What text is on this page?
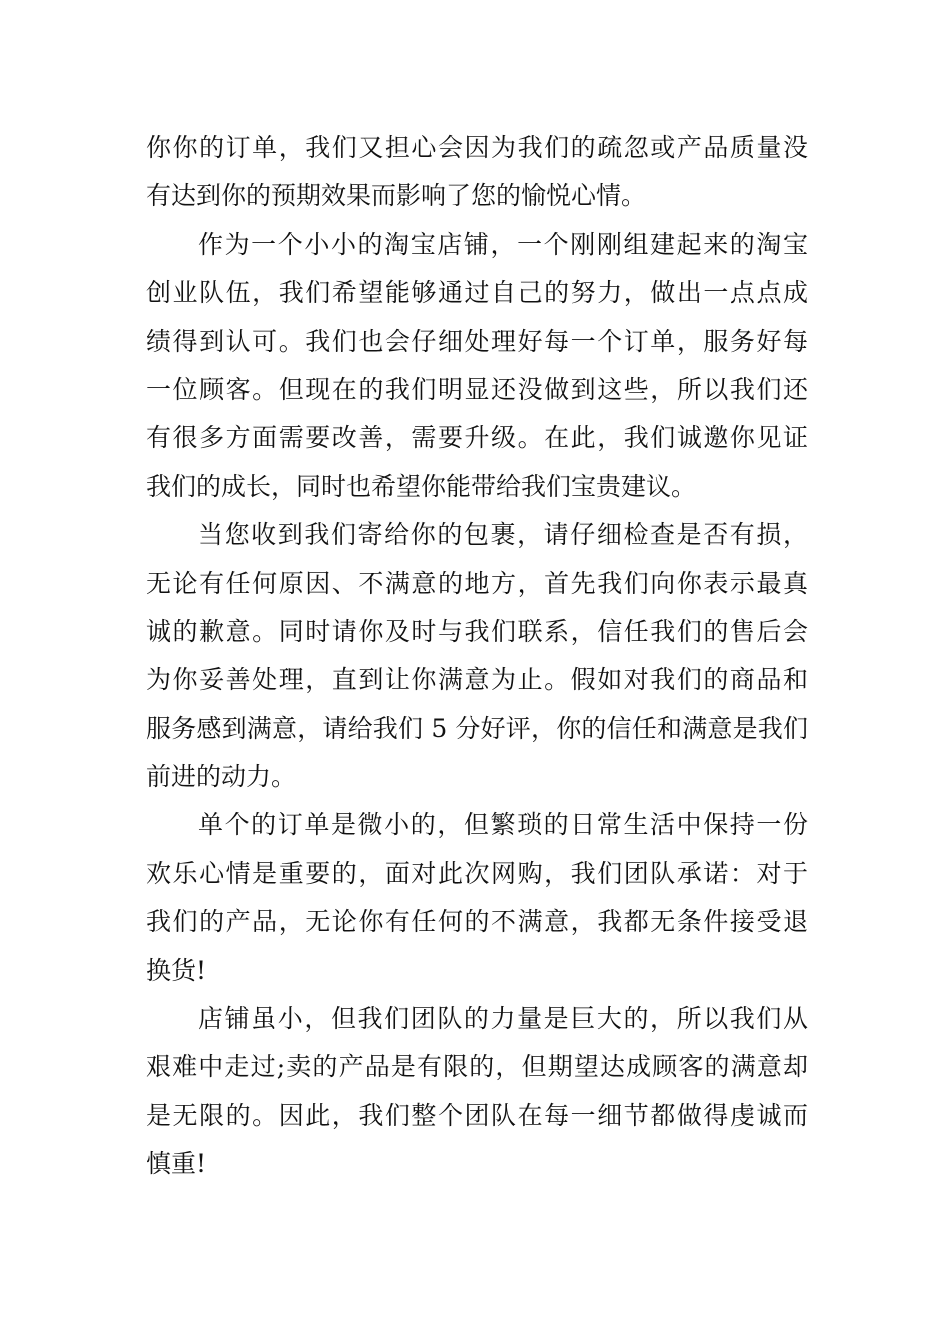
你你的订单，我们又担心会因为我们的疏忽或产品质量没
有达到你的预期效果而影响了您的愉悦心情。
作为一个小小的淘宝店铺，一个刚刚组建起来的淘宝
创业队伍，我们希望能够通过自己的努力，做出一点点成
绩得到认可。我们也会仔细处理好每一个订单，服务好每
一位顾客。但现在的我们明显还没做到这些，所以我们还
有很多方面需要改善，需要升级。在此，我们诚邀你见证
我们的成长，同时也希望你能带给我们宝贵建议。
当您收到我们寄给你的包裹，请仔细检查是否有损，
无论有任何原因、不满意的地方，首先我们向你表示最真
诚的歉意。同时请你及时与我们联系，信任我们的售后会
为你妥善处理，直到让你满意为止。假如对我们的商品和
服务感到满意，请给我们 5 分好评，你的信任和满意是我们
前进的动力。
单个的订单是微小的，但繁琐的日常生活中保持一份
欢乐心情是重要的，面对此次网购，我们团队承诺：对于
我们的产品，无论你有任何的不满意，我都无条件接受退
换货!
店铺虽小，但我们团队的力量是巨大的，所以我们从
艰难中走过;卖的产品是有限的，但期望达成顾客的满意却
是无限的。因此，我们整个团队在每一细节都做得虔诚而
慎重!
